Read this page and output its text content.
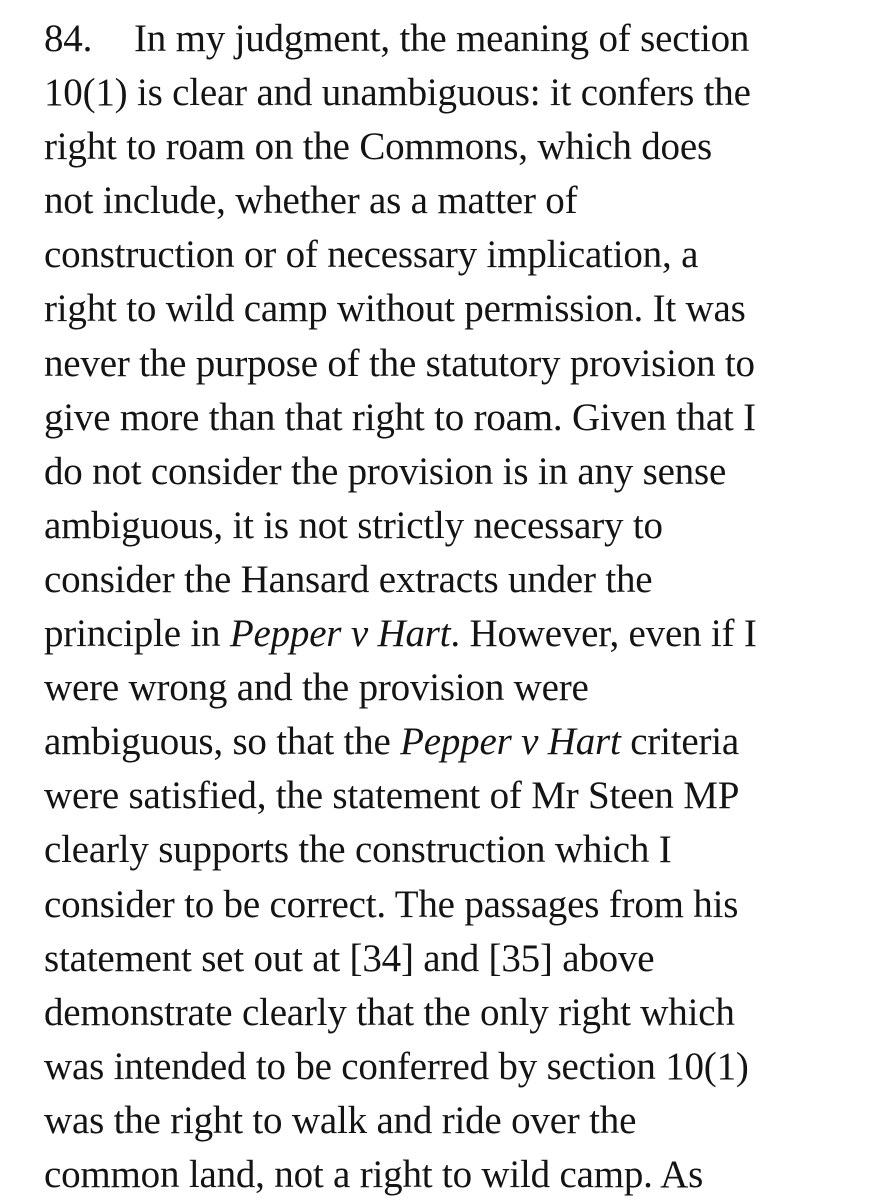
84. In my judgment, the meaning of section
10(1) is clear and unambiguous: it confers the
right to roam on the Commons, which does
not include, whether as a matter of
construction or of necessary implication, a
right to wild camp without permission. It was
never the purpose of the statutory provision to
give more than that right to roam. Given that I
do not consider the provision is in any sense
ambiguous, it is not strictly necessary to
consider the Hansard extracts under the
principle in Pepper v Hart. However, even if I
were wrong and the provision were
ambiguous, so that the Pepper v Hart criteria
were satisfied, the statement of Mr Steen MP
clearly supports the construction which I
consider to be correct. The passages from his
statement set out at [34] and [35] above
demonstrate clearly that the only right which
was intended to be conferred by section 10(1)
was the right to walk and ride over the
common land, not a right to wild camp. As
